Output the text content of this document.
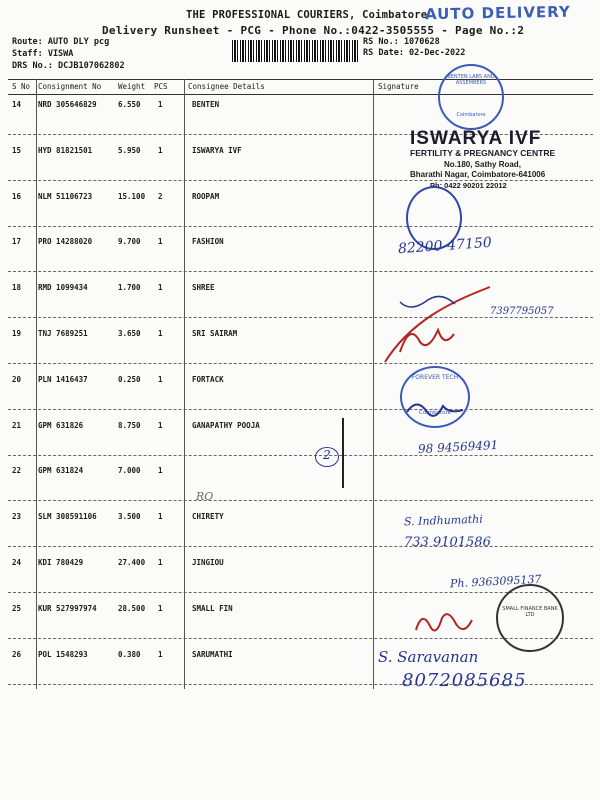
THE PROFESSIONAL COURIERS, Coimbatore
Delivery Runsheet - PCG - Phone No.:0422-3505555 - Page No.:2
AUTO DELIVERY
Route: AUTO DLY pcg
Staff: VISWA
DRS No.: DCJB107062802
RS No.: 1070628
RS Date: 02-Dec-2022
S No Consignment No Weight PCS	Consignee Details	Signature
14 NRD 305646829	6.550 1	BENTEN
15 HYD 81821501	5.950 1	ISWARYA IVF
16 NLM 51106723	15.100 2	ROOPAM
17 PRO 14288020	9.700 1	FASHION
18 RMD 1099434	1.700 1	SHREE
19 TNJ 7689251	3.650 1	SRI SAIRAM
20 PLN 1416437	0.250 1	FORTACK
21 GPM 631826	8.750 1	GANAPATHY POOJA
22 GPM 631824	7.000 1
23 SLM 308591106	3.500 1	CHIRETY
24 KDI 780429	27.400 1	JINGIOU
25 KUR 527997974	28.500 1	SMALL FIN
26 POL 1548293	0.380 1	SARUMATHI
ISWARYA IVF
FERTILITY & PREGNANCY CENTRE
No.180, Sathy Road,
Bharathi Nagar, Coimbatore-641006
Ph: 0422 90201 22012
BENTEN LABS AND ASSEMBERS
Coimbatore
FOREVER TECH
Coimbatore
SMALL FINANCE BANK LTD
82200-47150
7397795057
98 94569491
2
RO
S. Indhumathi
733 9101586
Ph. 9363095137
S. Saravanan
8072085685
